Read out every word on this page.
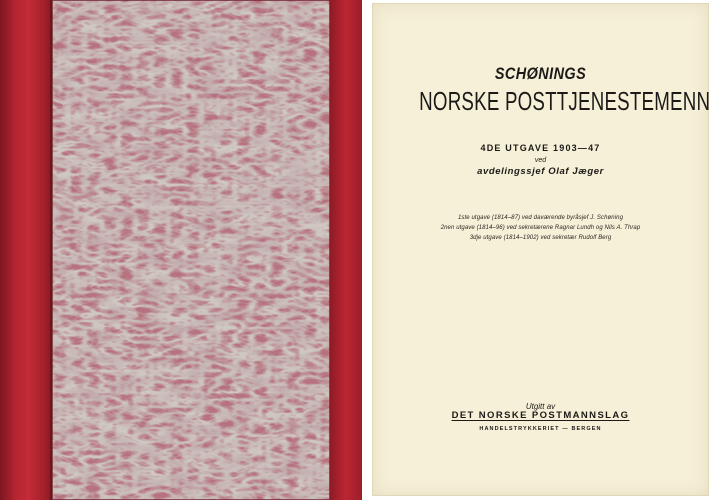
SCHØNINGS
NORSKE POSTTJENESTEMENN
4DE UTGAVE 1903—47
ved
avdelingssjef Olaf Jæger
1ste utgave (1814–87) ved daværende byråsjef J. Schøning
2nen utgave (1814–96) ved sekretærene Ragnar Lundh og Nils A. Thrap
3dje utgave (1814–1902) ved sekretær Rudolf Berg
Utgitt av
DET NORSKE POSTMANNSLAG
HANDELSTRYKKERIET — BERGEN
